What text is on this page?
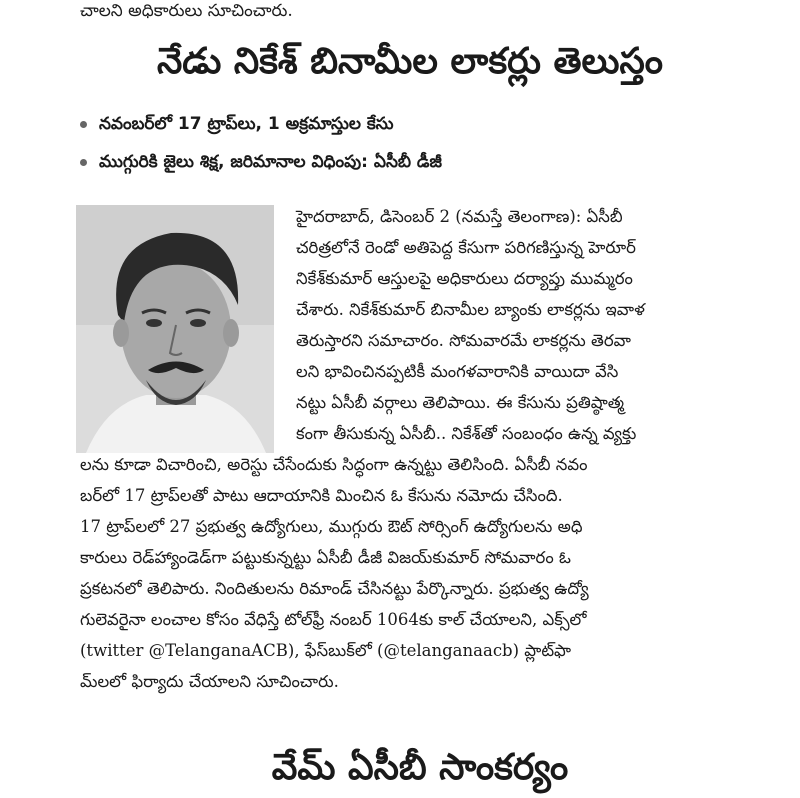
చాలని అధికారులు సూచించారు.
నేడు నికేశ్ బినామీల లాకర్లు తెలుస్తం
నవంబర్‌లో 17 ట్రాప్‌లు, 1 అక్రమాస్తుల కేసు
ముగ్గురికి జైలు శిక్ష, జరిమానాల విధింపు: ఏసీబీ డీజీ
హైదరాబాద్, డిసెంబర్ 2 (నమస్తే తెలంగాణ): ఏసీబీ
చరిత్రలోనే రెండో అతిపెద్ద కేసుగా పరిగణిస్తున్న హెరూర్
నికేశ్‌కుమార్ ఆస్తులపై అధికారులు దర్యాప్తు ముమ్మరం
చేశారు. నికేశ్‌కుమార్ బినామీల బ్యాంకు లాకర్లను ఇవాళ
తెరుస్తారని సమాచారం. సోమవారమే లాకర్లను తెరవా
లని భావించినప్పటికీ మంగళవారానికి వాయిదా వేసి
నట్టు ఏసీబీ వర్గాలు తెలిపాయి. ఈ కేసును ప్రతిష్ఠాత్మ
కంగా తీసుకున్న ఏసీబీ.. నికేశ్‌తో సంబంధం ఉన్న వ్యక్తు
లను కూడా విచారించి, అరెస్టు చేసేందుకు సిద్ధంగా ఉన్నట్టు తెలిసింది. ఏసీబీ నవం
బర్‌లో 17 ట్రాప్‌లతో పాటు ఆదాయానికి మించిన ఓ కేసును నమోదు చేసింది.
17 ట్రాప్‌లలో 27 ప్రభుత్వ ఉద్యోగులు, ముగ్గురు ఔట్ సోర్సింగ్ ఉద్యోగులను అధి
కారులు రెడ్‌హ్యాండెడ్‌గా పట్టుకున్నట్టు ఏసీబీ డీజీ విజయ్‌కుమార్ సోమవారం ఓ
ప్రకటనలో తెలిపారు. నిందితులను రిమాండ్ చేసినట్టు పేర్కొన్నారు. ప్రభుత్వ ఉద్యో
గులెవరైనా లంచాల కోసం వేధిస్తే టోల్‌ఫ్రీ నంబర్ 1064కు కాల్ చేయాలని, ఎక్స్‌లో
(twitter @TelanganaACB), ఫేస్‌బుక్‌లో (@telanganaacb) ప్లాట్‌ఫా
మ్‌లలో ఫిర్యాదు చేయాలని సూచించారు.
వేమ్ ఏసీబీ సాంకర్యం
